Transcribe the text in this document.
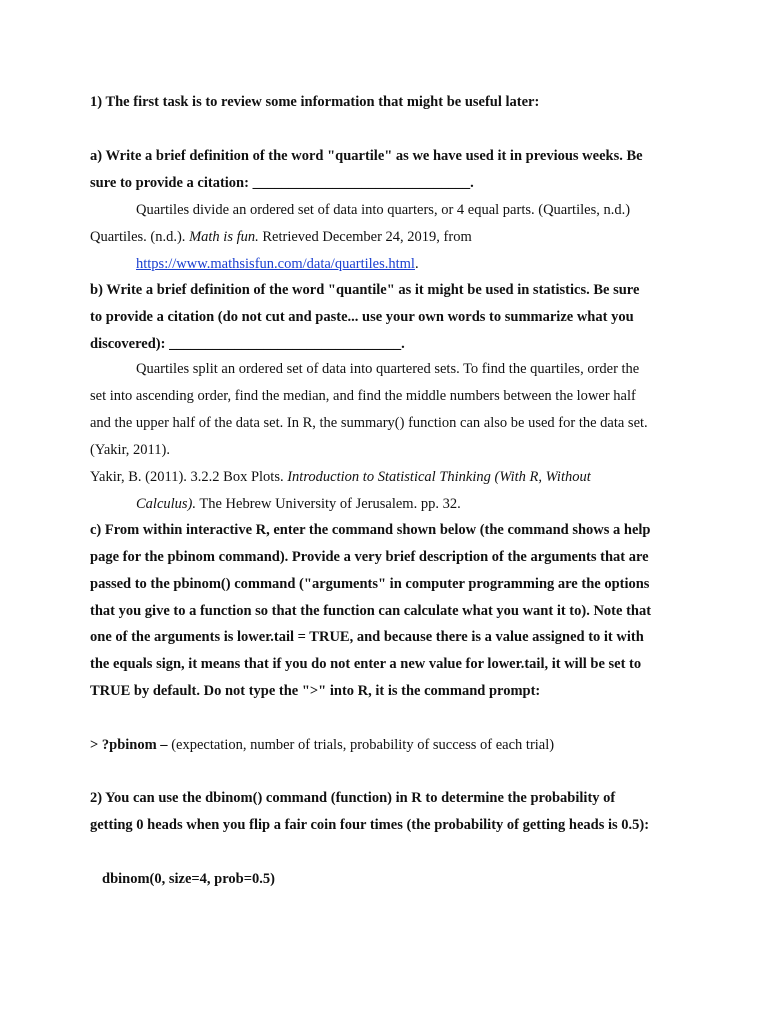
1) The first task is to review some information that might be useful later:
a) Write a brief definition of the word "quartile" as we have used it in previous weeks. Be
sure to provide a citation: ______________________________.
Quartiles divide an ordered set of data into quarters, or 4 equal parts. (Quartiles, n.d.)
Quartiles. (n.d.). Math is fun. Retrieved December 24, 2019, from
https://www.mathsisfun.com/data/quartiles.html.
b) Write a brief definition of the word "quantile" as it might be used in statistics. Be sure
to provide a citation (do not cut and paste... use your own words to summarize what you
discovered): ________________________________.
Quartiles split an ordered set of data into quartered sets. To find the quartiles, order the
set into ascending order, find the median, and find the middle numbers between the lower half
and the upper half of the data set. In R, the summary() function can also be used for the data set.
(Yakir, 2011).
Yakir, B. (2011). 3.2.2 Box Plots. Introduction to Statistical Thinking (With R, Without
Calculus). The Hebrew University of Jerusalem. pp. 32.
c) From within interactive R, enter the command shown below (the command shows a help
page for the pbinom command). Provide a very brief description of the arguments that are
passed to the pbinom() command ("arguments" in computer programming are the options
that you give to a function so that the function can calculate what you want it to). Note that
one of the arguments is lower.tail = TRUE, and because there is a value assigned to it with
the equals sign, it means that if you do not enter a new value for lower.tail, it will be set to
TRUE by default. Do not type the ">" into R, it is the command prompt:
> ?pbinom – (expectation, number of trials, probability of success of each trial)
2) You can use the dbinom() command (function) in R to determine the probability of
getting 0 heads when you flip a fair coin four times (the probability of getting heads is 0.5):
dbinom(0, size=4, prob=0.5)
